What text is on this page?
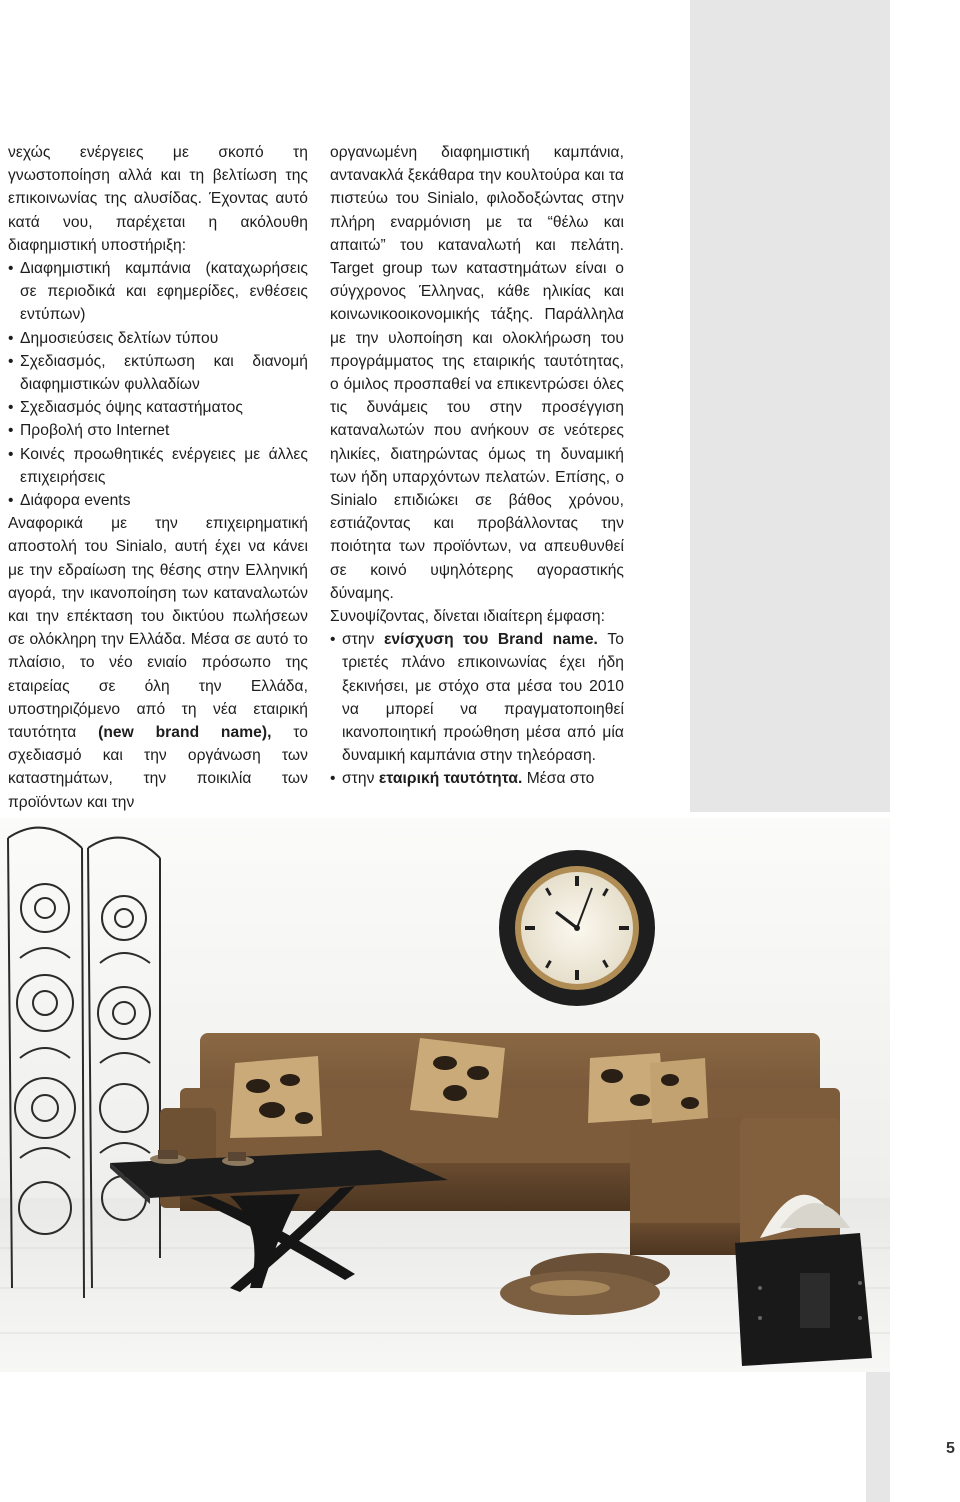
νεχώς ενέργειες με σκοπό τη γνωστοποίηση αλλά και τη βελτίωση της επικοινωνίας της αλυσίδας. Έχοντας αυτό κατά νου, παρέχεται η ακόλουθη διαφημιστική υποστήριξη:

• Διαφημιστική καμπάνια (καταχωρήσεις σε περιοδικά και εφημερίδες, ενθέσεις εντύπων)

• Δημοσιεύσεις δελτίων τύπου

• Σχεδιασμός, εκτύπωση και διανομή διαφημιστικών φυλλαδίων

• Σχεδιασμός όψης καταστήματος

• Προβολή στο Internet

• Κοινές προωθητικές ενέργειες με άλλες επιχειρήσεις

• Διάφορα events

Αναφορικά με την επιχειρηματική αποστολή του Sinialo, αυτή έχει να κάνει με την εδραίωση της θέσης στην Ελληνική αγορά, την ικανοποίηση των καταναλωτών και την επέκταση του δικτύου πωλήσεων σε ολόκληρη την Ελλάδα. Μέσα σε αυτό το πλαίσιο, το νέο ενιαίο πρόσωπο της εταιρείας σε όλη την Ελλάδα, υποστηριζόμενο από τη νέα εταιρική ταυτότητα (new brand name), το σχεδιασμό και την οργάνωση των καταστημάτων, την ποικιλία των προϊόντων και την

οργανωμένη διαφημιστική καμπάνια, αντανακλά ξεκάθαρα την κουλτούρα και τα πιστεύω του Sinialo, φιλοδοξώντας στην πλήρη εναρμόνιση με τα “θέλω και απαιτώ” του καταναλωτή και πελάτη. Target group των καταστημάτων είναι ο σύγχρονος Έλληνας, κάθε ηλικίας και κοινωνικοοικονομικής τάξης. Παράλληλα με την υλοποίηση και ολοκλήρωση του προγράμματος της εταιρικής ταυτότητας, ο όμιλος προσπαθεί να επικεντρώσει όλες τις δυνάμεις του στην προσέγγιση καταναλωτών που ανήκουν σε νεότερες ηλικίες, διατηρώντας όμως τη δυναμική των ήδη υπαρχόντων πελατών. Επίσης, ο Sinialo επιδιώκει σε βάθος χρόνου, εστιάζοντας και προβάλλοντας την ποιότητα των προϊόντων, να απευθυνθεί σε κοινό υψηλότερης αγοραστικής δύναμης.

Συνοψίζοντας, δίνεται ιδιαίτερη έμφαση:

• στην ενίσχυση του Brand name. Το τριετές πλάνο επικοινωνίας έχει ήδη ξεκινήσει, με στόχο στα μέσα του 2010 να μπορεί να πραγματοποιηθεί ικανοποιητική προώθηση μέσα από μία δυναμική καμπάνια στην τηλεόραση.

• στην εταιρική ταυτότητα. Μέσα στο

5
